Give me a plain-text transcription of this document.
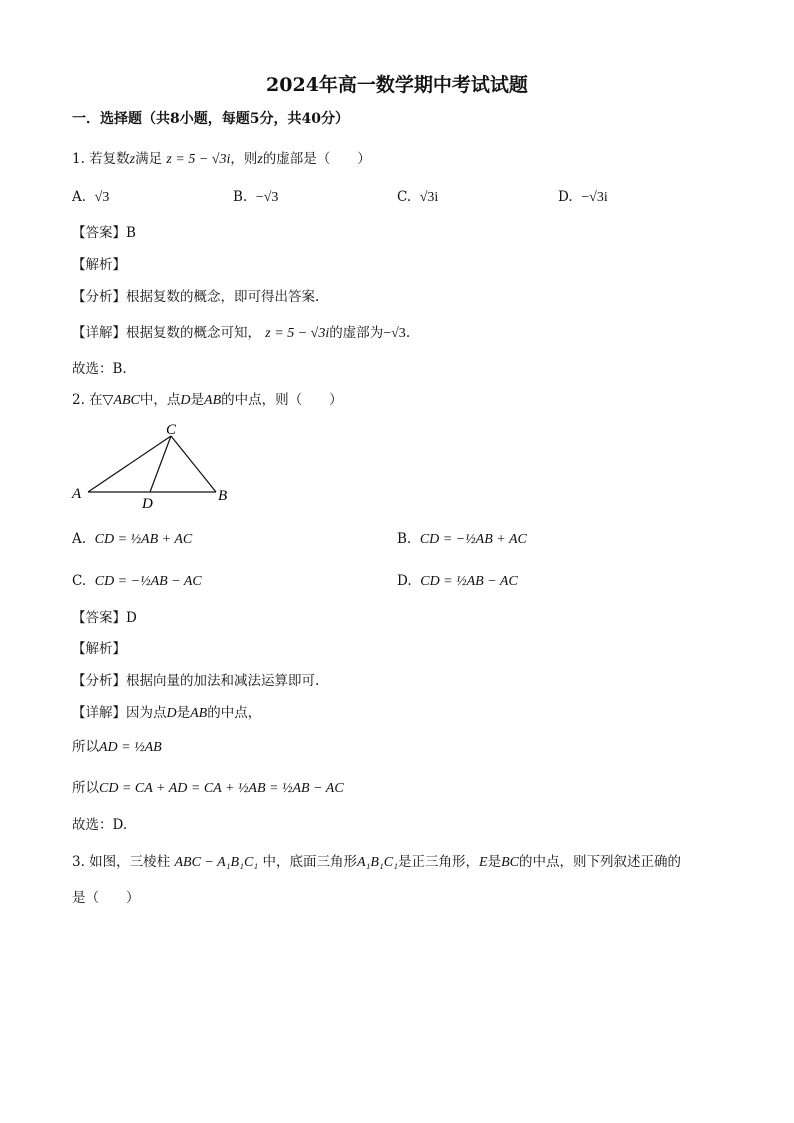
2024年高一数学期中考试试题
一．选择题（共8小题，每题5分，共40分）
1. 若复数z满足 z = 5 − √3i，则z的虚部是（　　）
A. √3	B. −√3	C. √3i	D. −√3i
【答案】B
【解析】
【分析】根据复数的概念，即可得出答案.
【详解】根据复数的概念可知， z = 5 − √3i的虚部为−√3.
故选：B.
2. 在▽ABC中，点D是AB的中点，则（　　）
A	B
C
D
A. CD = ½AB + AC	B. CD = −½AB + AC
C. CD = −½AB − AC	D. CD = ½AB − AC
【答案】D
【解析】
【分析】根据向量的加法和减法运算即可.
【详解】因为点D是AB的中点，
所以AD = ½AB
所以CD = CA + AD = CA + ½AB = ½AB − AC
故选：D.
3. 如图，三棱柱 ABC − A₁B₁C₁ 中，底面三角形A₁B₁C₁是正三角形，E是BC的中点，则下列叙述正确的
是（　　）
